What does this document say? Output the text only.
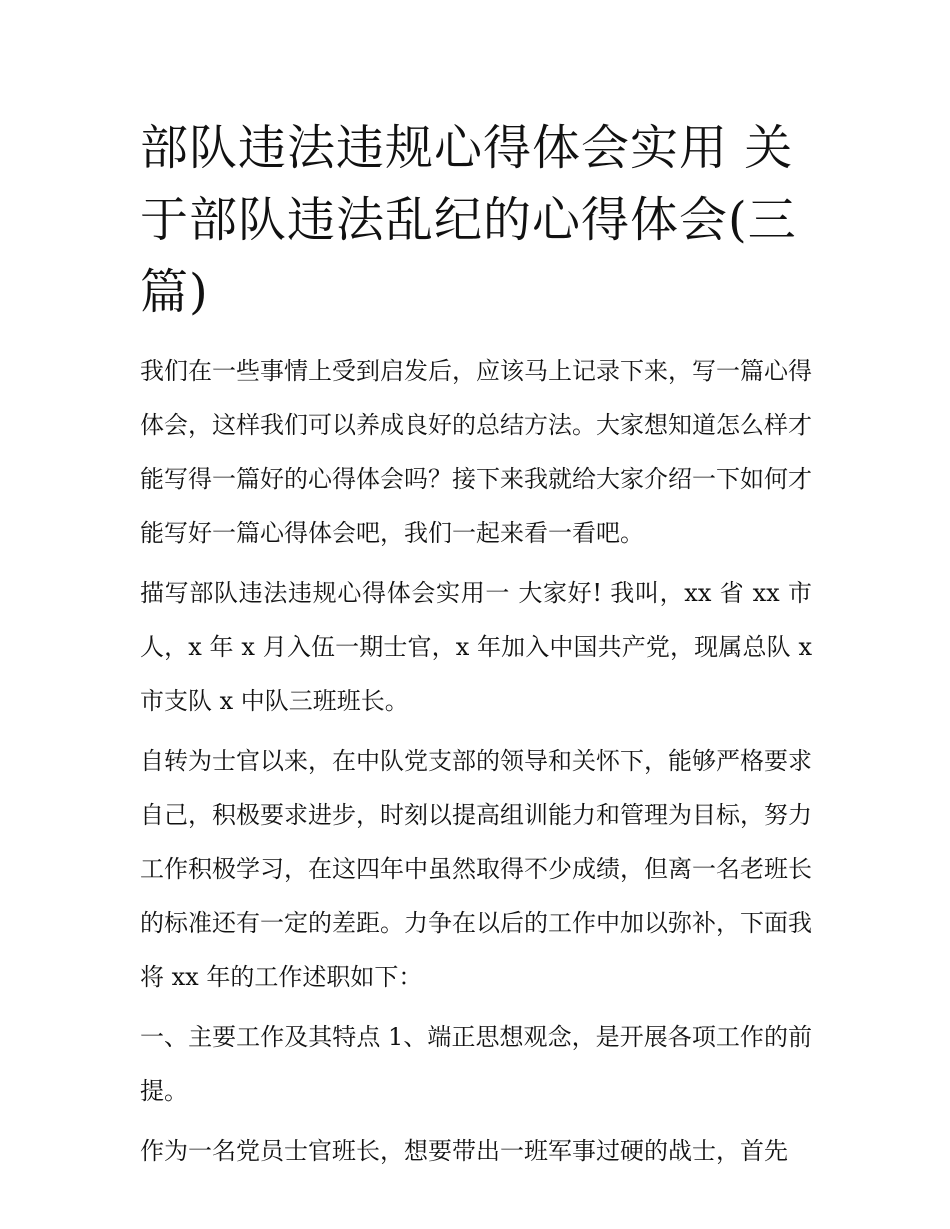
部队违法违规心得体会实用 关于部队违法乱纪的心得体会(三篇)

我们在一些事情上受到启发后，应该马上记录下来，写一篇心得体会，这样我们可以养成良好的总结方法。大家想知道怎么样才能写得一篇好的心得体会吗？接下来我就给大家介绍一下如何才能写好一篇心得体会吧，我们一起来看一看吧。

描写部队违法违规心得体会实用一 大家好! 我叫，xx 省 xx 市人，x 年 x 月入伍一期士官，x 年加入中国共产党，现属总队 x 市支队 x 中队三班班长。

自转为士官以来，在中队党支部的领导和关怀下，能够严格要求自己，积极要求进步，时刻以提高组训能力和管理为目标，努力工作积极学习，在这四年中虽然取得不少成绩，但离一名老班长的标准还有一定的差距。力争在以后的工作中加以弥补，下面我将 xx 年的工作述职如下：

一、主要工作及其特点 1、端正思想观念，是开展各项工作的前提。

作为一名党员士官班长，想要带出一班军事过硬的战士，首先
